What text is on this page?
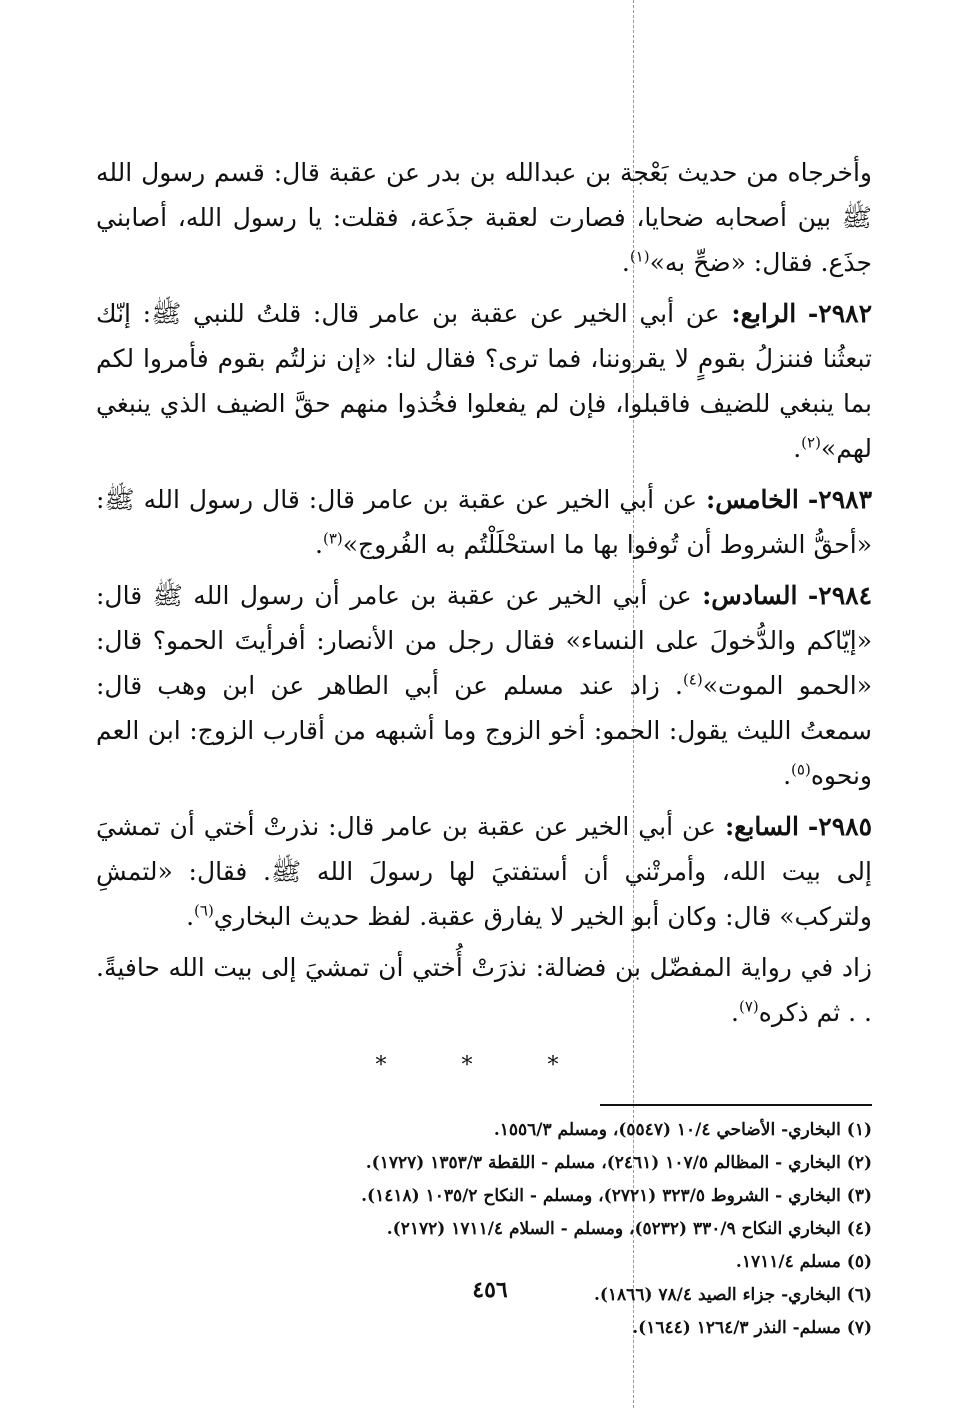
وأخرجاه من حديث بَعْجة بن عبدالله بن بدر عن عقبة قال: قسم رسول الله ﷺ بين أصحابه ضحايا، فصارت لعقبة جذَعة، فقلت: يا رسول الله، أصابني جذَع. فقال: «ضحِّ به»$^{(١)}$.

٢٩٨٢- الرابع: عن أبي الخير عن عقبة بن عامر قال: قلتُ للنبي ﷺ: إنّك تبعثُنا فننزلُ بقومٍ لا يقروننا، فما ترى؟ فقال لنا: «إن نزلتُم بقوم فأمروا لكم بما ينبغي للضيف فاقبلوا، فإن لم يفعلوا فخُذوا منهم حقَّ الضيف الذي ينبغي لهم»$^{(٢)}$.

٢٩٨٣- الخامس: عن أبي الخير عن عقبة بن عامر قال: قال رسول الله ﷺ: «أحقُّ الشروط أن تُوفوا بها ما استحْلَلْتُم به الفُروج»$^{(٣)}$.

٢٩٨٤- السادس: عن أبي الخير عن عقبة بن عامر أن رسول الله ﷺ قال: «إيّاكم والدُّخولَ على النساء» فقال رجل من الأنصار: أفرأيتَ الحمو؟ قال: «الحمو الموت»$^{(٤)}$. زاد عند مسلم عن أبي الطاهر عن ابن وهب قال: سمعتُ الليث يقول: الحمو: أخو الزوج وما أشبهه من أقارب الزوج: ابن العم ونحوه$^{(٥)}$.

٢٩٨٥- السابع: عن أبي الخير عن عقبة بن عامر قال: نذرتْ أختي أن تمشيَ إلى بيت الله، وأمرتْني أن أستفتيَ لها رسولَ الله ﷺ. فقال: «لتمشِ ولتركب» قال: وكان أبو الخير لا يفارق عقبة. لفظ حديث البخاري$^{(٦)}$.

زاد في رواية المفضّل بن فضالة: نذرَتْ أُختي أن تمشيَ إلى بيت الله حافيةً. . . ثم ذكره$^{(٧)}$.

* * *
(١) البخاري- الأضاحي ١٠/٤ (٥٥٤٧)، ومسلم ١٥٥٦/٣.
(٢) البخاري - المظالم ١٠٧/٥ (٢٤٦١)، مسلم - اللقطة ١٣٥٣/٣ (١٧٢٧).
(٣) البخاري - الشروط ٣٢٣/٥ (٢٧٢١)، ومسلم - النكاح ١٠٣٥/٢ (١٤١٨).
(٤) البخاري النكاح ٣٣٠/٩ (٥٢٣٢)، ومسلم - السلام ١٧١١/٤ (٢١٧٢).
(٥) مسلم ١٧١١/٤.
(٦) البخاري- جزاء الصيد ٧٨/٤ (١٨٦٦).
(٧) مسلم- النذر ١٢٦٤/٣ (١٦٤٤).
٤٥٦
